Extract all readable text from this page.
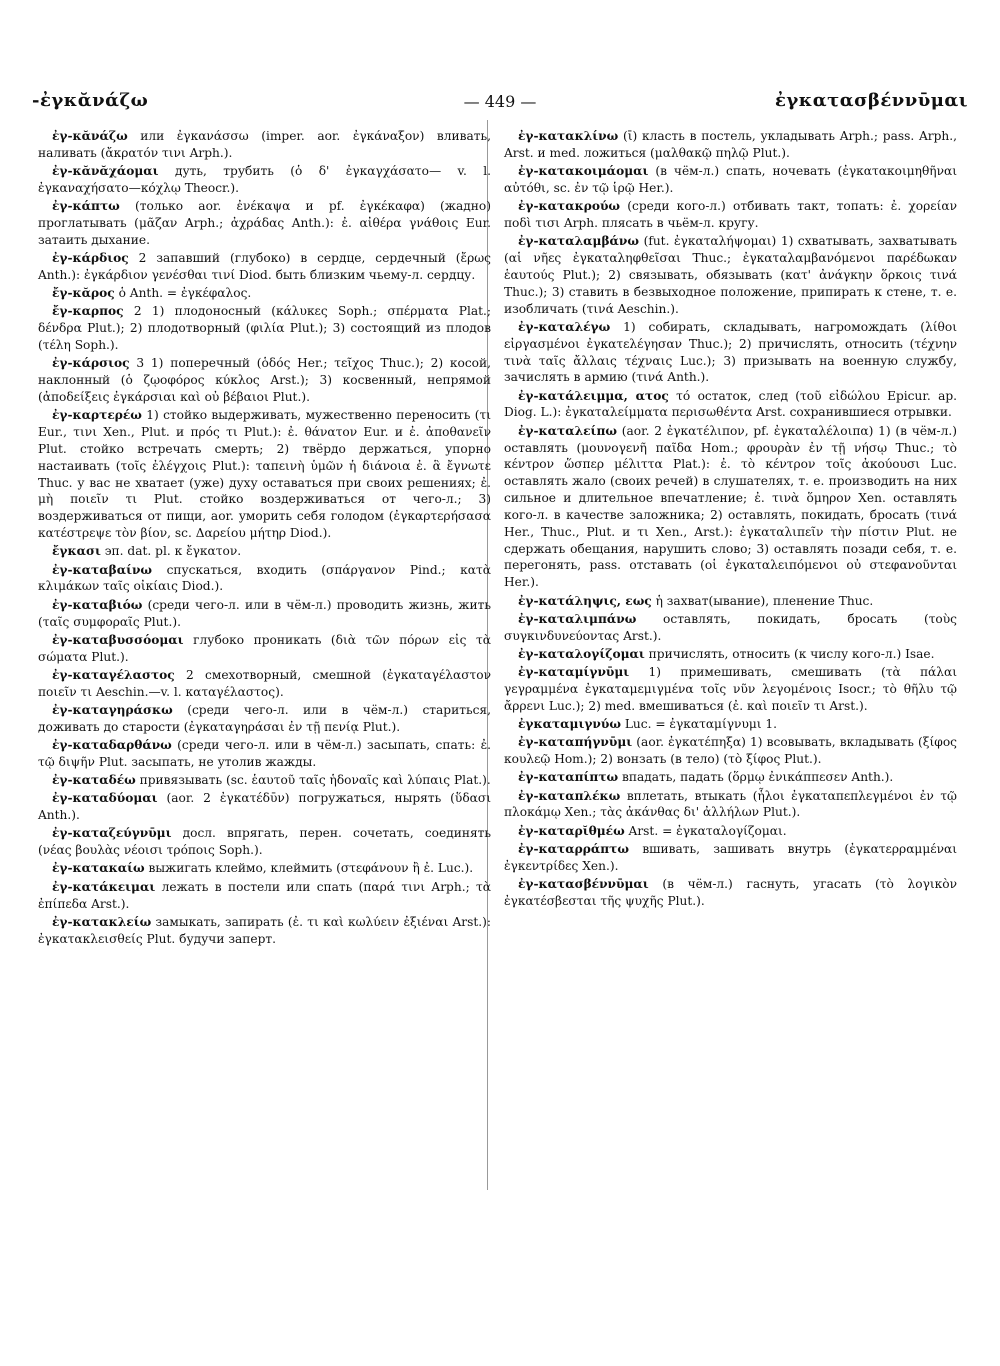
-ἐγκᾰνάζω	— 449 —	ἐγκατασβέννῡμαι

ἐγ-κᾰνάζω или ἐγκανάσσω (imper. aor. ἐγκάναξον) вливать, наливать (ἄκρατόν τινι Arph.).

ἐγ-κᾰνᾰχάομαι дуть, трубить (ὁ δ' ἐγκαγχάσατο— v. l. ἐγκαναχήσατο—κόχλῳ Theocr.).

ἐγ-κάπτω (только aor. ἐνέκαψα и pf. ἐγκέκαφα) (жадно) проглатывать (μᾶζαν Arph.; ἀχράδας Anth.): ἐ. αἰθέρα γνάθοις Eur. затаить дыхание.

ἐγ-κάρδιος 2 запавший (глубоко) в сердце, сердечный (ἔρως Anth.): ἐγκάρδιον γενέσθαι τινί Diod. быть близким чьему-л. сердцу.

ἔγ-κᾰρος ὁ Anth. = ἐγκέφαλος.

ἔγ-καρπος 2 1) плодоносный (κάλυκες Soph.; σπέρματα Plat.; δένδρα Plut.); 2) плодотворный (φιλία Plut.); 3) состоящий из плодов (τέλη Soph.).

ἐγ-κάρσιος 3 1) поперечный (ὁδός Her.; τεῖχος Thuc.); 2) косой, наклонный (ὁ ζῳοφόρος κύκλος Arst.); 3) косвенный, непрямой (ἀποδείξεις ἐγκάρσιαι καὶ οὐ βέβαιοι Plut.).

ἐγ-καρτερέω 1) стойко выдерживать, мужественно переносить (τι Eur., τινι Xen., Plut. и πρός τι Plut.): ἐ. θάνατον Eur. и ἐ. ἀποθανεῖν Plut. стойко встречать смерть; 2) твёрдо держаться, упорно настаивать (τοῖς ἐλέγχοις Plut.): ταπεινὴ ὑμῶν ἡ διάνοια ἐ. ἃ ἔγνωτε Thuc. у вас не хватает (уже) духу оставаться при своих решениях; ἐ. μὴ ποιεῖν τι Plut. стойко воздерживаться от чего-л.; 3) воздерживаться от пищи, aor. уморить себя голодом (ἐγκαρτερήσασα κατέστρεψε τὸν βίον, sc. Δαρείου μήτηρ Diod.).

ἔγκασι эп. dat. pl. к ἔγκατον.

ἐγ-καταβαίνω спускаться, входить (σπάργανον Pind.; κατὰ κλιμάκων ταῖς οἰκίαις Diod.).

ἐγ-καταβιόω (среди чего-л. или в чём-л.) проводить жизнь, жить (ταῖς συμφοραῖς Plut.).

ἐγ-καταβυσσόομαι глубоко проникать (διὰ τῶν πόρων εἰς τὰ σώματα Plut.).

ἐγ-καταγέλαστος 2 смехотворный, смешной (ἐγκαταγέλαστον ποιεῖν τι Aeschin.—v. l. καταγέλαστος).

ἐγ-καταγηράσκω (среди чего-л. или в чём-л.) стариться, доживать до старости (ἐγκαταγηράσαι ἐν τῇ πενίᾳ Plut.).

ἐγ-καταδαρθάνω (среди чего-л. или в чём-л.) засыпать, спать: ἐ. τῷ διψῆν Plut. засыпать, не утолив жажды.

ἐγ-καταδέω привязывать (sc. ἑαυτοῦ ταῖς ἡδοναῖς καὶ λύπαις Plat.).

ἐγ-καταδύομαι (aor. 2 ἐγκατέδῡν) погружаться, нырять (ὕδασι Anth.).

ἐγ-καταζεύγνῡμι досл. впрягать, перен. сочетать, соединять (νέας βουλὰς νέοισι τρόποις Soph.).

ἐγ-κατακαίω выжигать клеймо, клеймить (στεφάνουν ἢ ἐ. Luc.).

ἐγ-κατάκειμαι лежать в постели или спать (παρά τινι Arph.; τὰ ἐπίπεδα Arst.).

ἐγ-κατακλείω замыкать, запирать (ἐ. τι καὶ κωλύειν ἐξιέναι Arst.): ἐγκατακλεισθείς Plut. будучи заперт.

ἐγ-κατακλίνω (ῑ) класть в постель, укладывать Arph.; pass. Arph., Arst. и med. ложиться (μαλθακῷ πηλῷ Plut.).

ἐγ-κατακοιμάομαι (в чём-л.) спать, ночевать (ἐγκατακοιμηθῆναι αὐτόθι, sc. ἐν τῷ ἱρῷ Her.).

ἐγ-κατακρούω (среди кого-л.) отбивать такт, топать: ἐ. χορείαν ποδὶ τισι Arph. плясать в чьём-л. кругу.

ἐγ-καταλαμβάνω (fut. ἐγκαταλήψομαι) 1) схватывать, захватывать (αἱ νῆες ἐγκαταληφθεῖσαι Thuc.; ἐγκαταλαμβανόμενοι παρέδωκαν ἑαυτούς Plut.); 2) связывать, обязывать (κατ' ἀνάγκην ὅρκοις τινά Thuc.); 3) ставить в безвыходное положение, припирать к стене, т. е. изобличать (τινά Aeschin.).

ἐγ-καταλέγω 1) собирать, складывать, нагромождать (λίθοι εἰργασμένοι ἐγκατελέγησαν Thuc.); 2) причислять, относить (τέχνην τινὰ ταῖς ἄλλαις τέχναις Luc.); 3) призывать на военную службу, зачислять в армию (τινά Anth.).

ἐγ-κατάλειμμα, ατος τό остаток, след (τοῦ εἰδώλου Epicur. ap. Diog. L.): ἐγκαταλείμματα περισωθέντα Arst. сохранившиеся отрывки.

ἐγ-καταλείπω (aor. 2 ἐγκατέλιπον, pf. ἐγκαταλέλοιπα) 1) (в чём-л.) оставлять (μουνογενῆ παῖδα Hom.; φρουρὰν ἐν τῇ νήσῳ Thuc.; τὸ κέντρον ὥσπερ μέλιττα Plat.): ἐ. τὸ κέντρον τοῖς ἀκούουσι Luc. оставлять жало (своих речей) в слушателях, т. е. производить на них сильное и длительное впечатление; ἐ. τινὰ ὅμηρον Xen. оставлять кого-л. в качестве заложника; 2) оставлять, покидать, бросать (τινά Her., Thuc., Plut. и τι Xen., Arst.): ἐγκαταλιπεῖν τὴν πίστιν Plut. не сдержать обещания, нарушить слово; 3) оставлять позади себя, т. е. перегонять, pass. отставать (οἱ ἐγκαταλειπόμενοι οὐ στεφανοῦνται Her.).

ἐγ-κατάληψις, εως ἡ захват(ывание), пленение Thuc.

ἐγ-καταλιμπάνω оставлять, покидать, бросать (τοὺς συγκινδυνεύοντας Arst.).

ἐγ-καταλογίζομαι причислять, относить (к числу кого-л.) Isae.

ἐγ-καταμίγνῡμι 1) примешивать, смешивать (τὰ πάλαι γεγραμμένα ἐγκαταμεμιγμένα τοῖς νῦν λεγομένοις Isocr.; τὸ θῆλυ τῷ ἄρρενι Luc.); 2) med. вмешиваться (ἐ. καὶ ποιεῖν τι Arst.).

ἐγκαταμιγνύω Luc. = ἐγκαταμίγνυμι 1.

ἐγ-καταπήγνῡμι (aor. ἐγκατέπηξα) 1) всовывать, вкладывать (ξίφος κουλεῷ Hom.); 2) вонзать (в тело) (τὸ ξίφος Plut.).

ἐγ-καταπίπτω впадать, падать (ὅρμῳ ἐνικάππεσεν Anth.).

ἐγ-καταπλέκω вплетать, втыкать (ἧλοι ἐγκαταπεπλεγμένοι ἐν τῷ πλοκάμῳ Xen.; τὰς ἀκάνθας δι' ἀλλήλων Plut.).

ἐγ-καταρῐθμέω Arst. = ἐγκαταλογίζομαι.

ἐγ-καταρράπτω вшивать, зашивать внутрь (ἐγκατερραμμέναι ἐγκεντρίδες Xen.).

ἐγ-κατασβέννῡμαι (в чём-л.) гаснуть, угасать (τὸ λογικὸν ἐγκατέσβεσται τῆς ψυχῆς Plut.).
